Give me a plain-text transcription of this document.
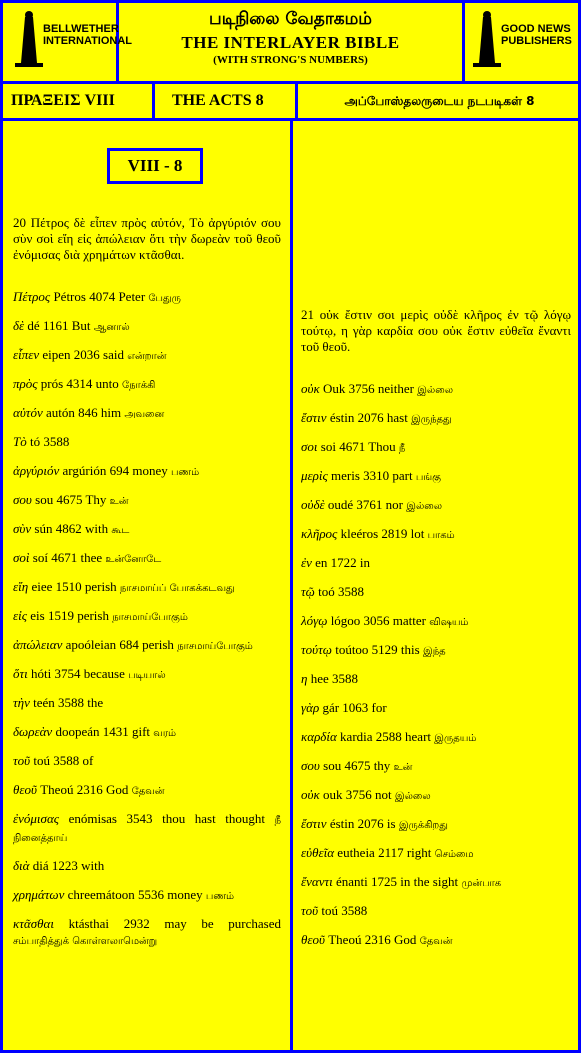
BELLWETHER INTERNATIONAL
படிநிலை வேதாகமம்
THE INTERLAYER BIBLE
(WITH STRONG'S NUMBERS)
GOOD NEWS PUBLISHERS
ΠΡΑΞΕΙΣ VIII	THE ACTS 8	அப்போஸ்தலருடைய நடபடிகள் 8
VIII - 8
20 Πέτρος δὲ εἶπεν πρὸς αὐτόν, Τὸ ἀργύριόν σου σὺν σοὶ εἴη εἰς ἀπώλειαν ὅτι τὴν δωρεὰν τοῦ θεοῦ ἐνόμισας διὰ χρημάτων κτᾶσθαι.
Πέτρος Pétros 4074 Peter பேதுரு
δὲ dé 1161 But ஆனால்
εἶπεν eipen 2036 said என்றான்
πρὸς prós 4314 unto நோக்கி
αὐτόν autón 846 him அவனை
Τὸ tó 3588
ἀργύριόν argúrión 694 money பணம்
σου sou 4675 Thy உன்
σὺν sún 4862 with கூட
σοὶ soí 4671 thee உன்னோடே
εἴη eiee 1510 perish நாசமாய்ப் போகக்கடவது
εἰς eis 1519 perish நாசமாய்போகும்
ἀπώλειαν apoóleian 684 perish நாசமாய்போகும்
ὅτι hóti 3754 because படியால்
τὴν teén 3588 the
δωρεὰν doореán 1431 gift வரம்
τοῦ toú 3588 of
θεοῦ Theoú 2316 God தேவன்
ἐνόμισας enómisas 3543 thou hast thought நீ நினைத்தாய்
διὰ diá 1223 with
χρημάτων chreemátoon 5536 money பணம்
κτᾶσθαι ktásthai 2932 may be purchased சம்பாதித்துக் கொள்ளலாமென்று
21 οὐκ ἔστιν σοι μερὶς οὐδὲ κλῆρος ἐν τῷ λόγῳ τούτῳ, η γὰρ καρδία σου οὐκ ἔστιν εὐθεῖα ἔναντι τοῦ θεοῦ.
οὐκ Ouk 3756 neither இல்லை
ἔστιν éstin 2076 hast இருந்தது
σοι soi 4671 Thou நீ
μερὶς meris 3310 part பங்கு
οὐδὲ oudé 3761 nor இல்லை
κλῆρος kleéros 2819 lot பாகம்
ἐν en 1722 in
τῷ toó 3588
λόγῳ lógoo 3056 matter விஷயம்
τούτῳ toútoo 5129 this இந்த
η hee 3588
γὰρ gár 1063 for
καρδία kardia 2588 heart இருதயம்
σου sou 4675 thy உன்
οὐκ ouk 3756 not இல்லை
ἔστιν éstin 2076 is இருக்கிறது
εὐθεῖα eutheia 2117 right செம்மை
ἔναντι énanti 1725 in the sight முன்பாக
τοῦ toú 3588
θεοῦ Theoú 2316 God தேவன்
